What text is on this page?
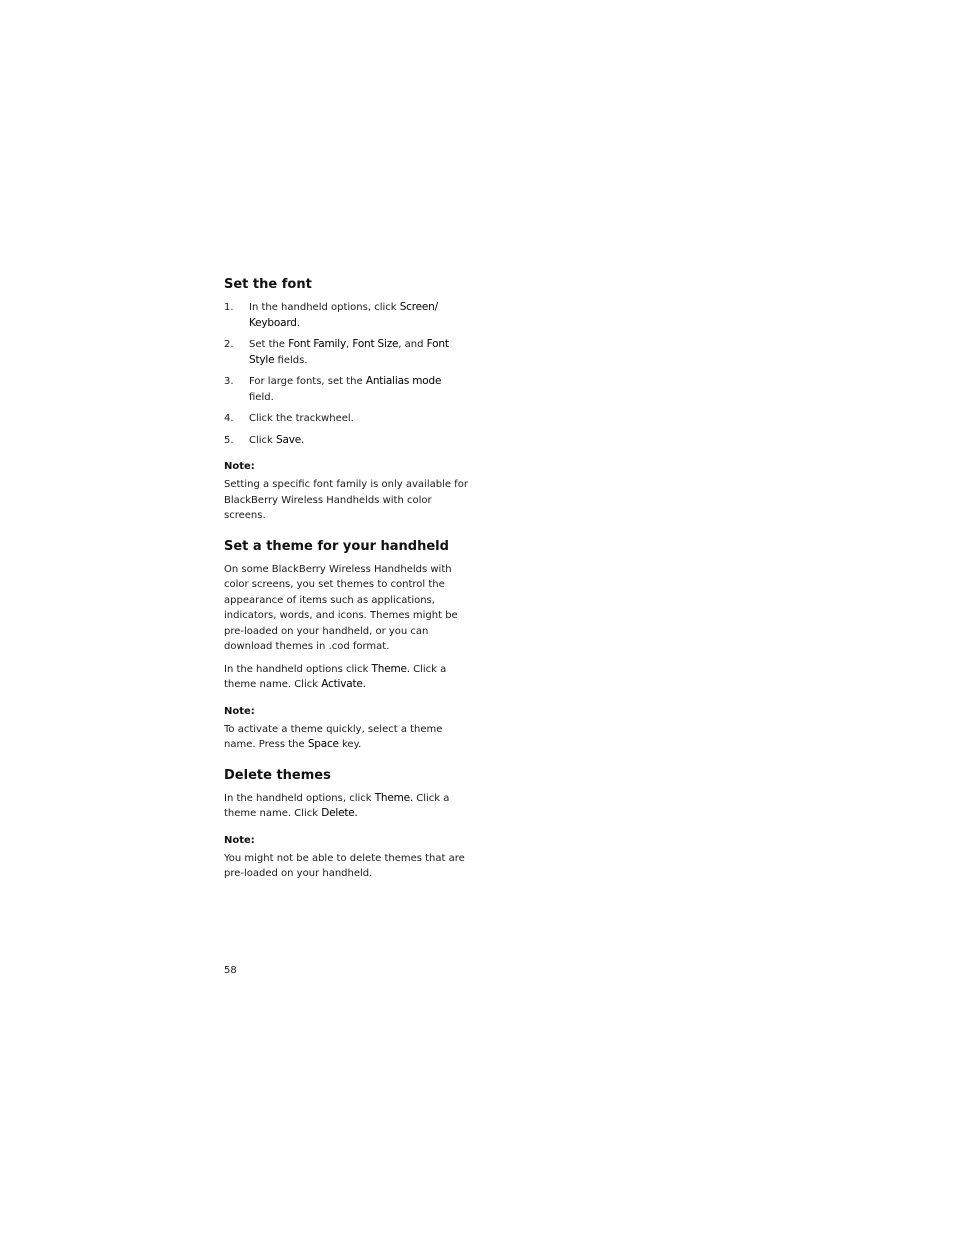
Set the font
1.	In the handheld options, click Screen/ Keyboard.
2.	Set the Font Family, Font Size, and Font Style fields.
3.	For large fonts, set the Antialias mode field.
4.	Click the trackwheel.
5.	Click Save.
Note:

Setting a specific font family is only available for BlackBerry Wireless Handhelds with color screens.

Set a theme for your handheld

On some BlackBerry Wireless Handhelds with color screens, you set themes to control the appearance of items such as applications, indicators, words, and icons. Themes might be pre-loaded on your handheld, or you can download themes in .cod format.

In the handheld options click Theme. Click a theme name. Click Activate.

Note:

To activate a theme quickly, select a theme name. Press the Space key.

Delete themes

In the handheld options, click Theme. Click a theme name. Click Delete.

Note:

You might not be able to delete themes that are pre-loaded on your handheld.

58
